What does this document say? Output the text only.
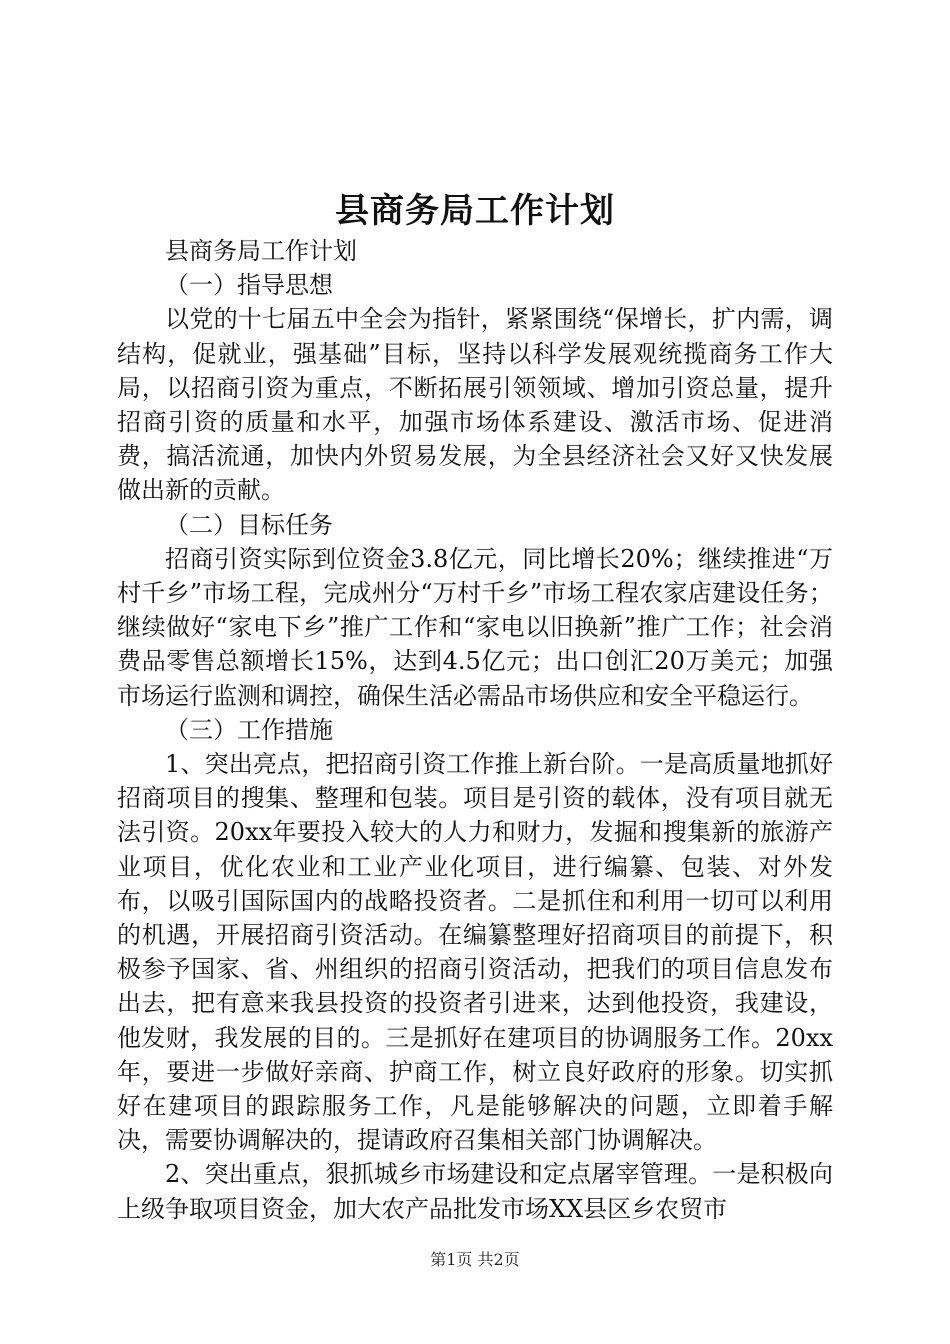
县商务局工作计划

县商务局工作计划

（一）指导思想

以党的十七届五中全会为指针，紧紧围绕“保增长，扩内需，调结构，促就业，强基础”目标，坚持以科学发展观统揽商务工作大局，以招商引资为重点，不断拓展引领领域、增加引资总量，提升招商引资的质量和水平，加强市场体系建设、激活市场、促进消费，搞活流通，加快内外贸易发展，为全县经济社会又好又快发展做出新的贡献。

（二）目标任务

招商引资实际到位资金3.8亿元，同比增长20%；继续推进“万村千乡”市场工程，完成州分“万村千乡”市场工程农家店建设任务；继续做好“家电下乡”推广工作和“家电以旧换新”推广工作；社会消费品零售总额增长15%，达到4.5亿元；出口创汇20万美元；加强市场运行监测和调控，确保生活必需品市场供应和安全平稳运行。

（三）工作措施

1、突出亮点，把招商引资工作推上新台阶。一是高质量地抓好招商项目的搜集、整理和包装。项目是引资的载体，没有项目就无法引资。20xx年要投入较大的人力和财力，发掘和搜集新的旅游产业项目，优化农业和工业产业化项目，进行编纂、包装、对外发布，以吸引国际国内的战略投资者。二是抓住和利用一切可以利用的机遇，开展招商引资活动。在编纂整理好招商项目的前提下，积极参予国家、省、州组织的招商引资活动，把我们的项目信息发布出去，把有意来我县投资的投资者引进来，达到他投资，我建设，他发财，我发展的目的。三是抓好在建项目的协调服务工作。20xx年，要进一步做好亲商、护商工作，树立良好政府的形象。切实抓好在建项目的跟踪服务工作，凡是能够解决的问题，立即着手解决，需要协调解决的，提请政府召集相关部门协调解决。

2、突出重点，狠抓城乡市场建设和定点屠宰管理。一是积极向上级争取项目资金，加大农产品批发市场XX县区乡农贸市

第1页 共2页
